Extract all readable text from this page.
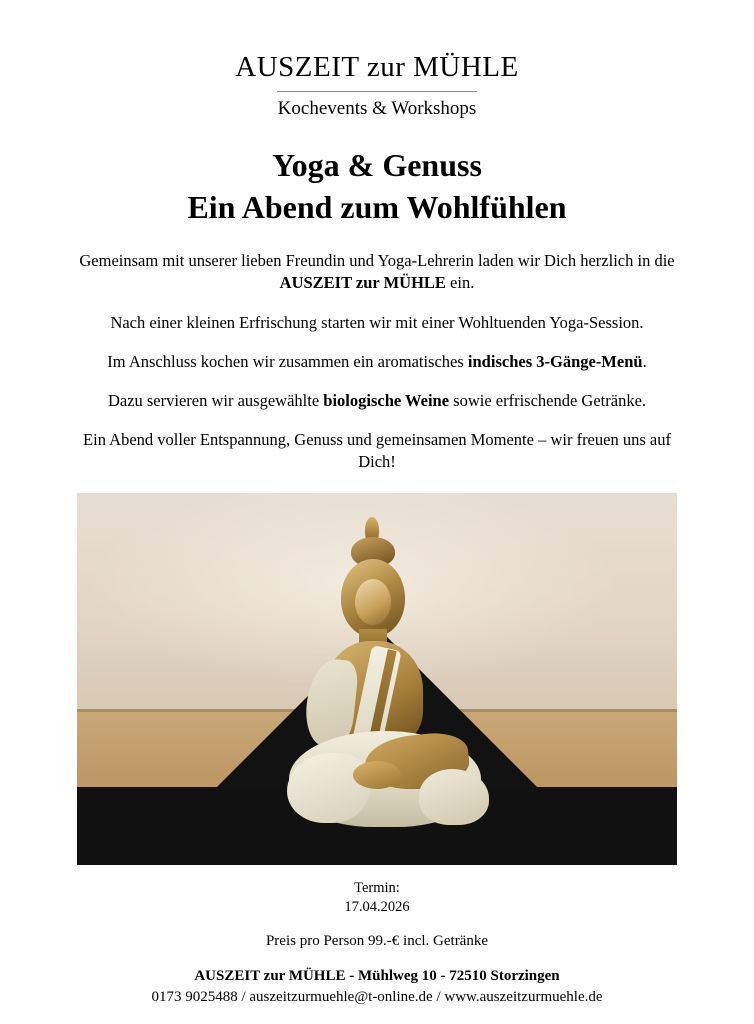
AUSZEIT zur MÜHLE
Kochevents & Workshops
Yoga & Genuss
Ein Abend zum Wohlfühlen

Gemeinsam mit unserer lieben Freundin und Yoga-Lehrerin laden wir Dich herzlich in die AUSZEIT zur MÜHLE ein.

Nach einer kleinen Erfrischung starten wir mit einer Wohltuenden Yoga-Session.

Im Anschluss kochen wir zusammen ein aromatisches indisches 3-Gänge-Menü.

Dazu servieren wir ausgewählte biologische Weine sowie erfrischende Getränke.

Ein Abend voller Entspannung, Genuss und gemeinsamen Momente – wir freuen uns auf Dich!

Termin:

17.04.2026

Preis pro Person 99.-€ incl. Getränke

AUSZEIT zur MÜHLE - Mühlweg 10 - 72510 Storzingen

0173 9025488 / auszeitzurmuehle@t-online.de / www.auszeitzurmuehle.de
